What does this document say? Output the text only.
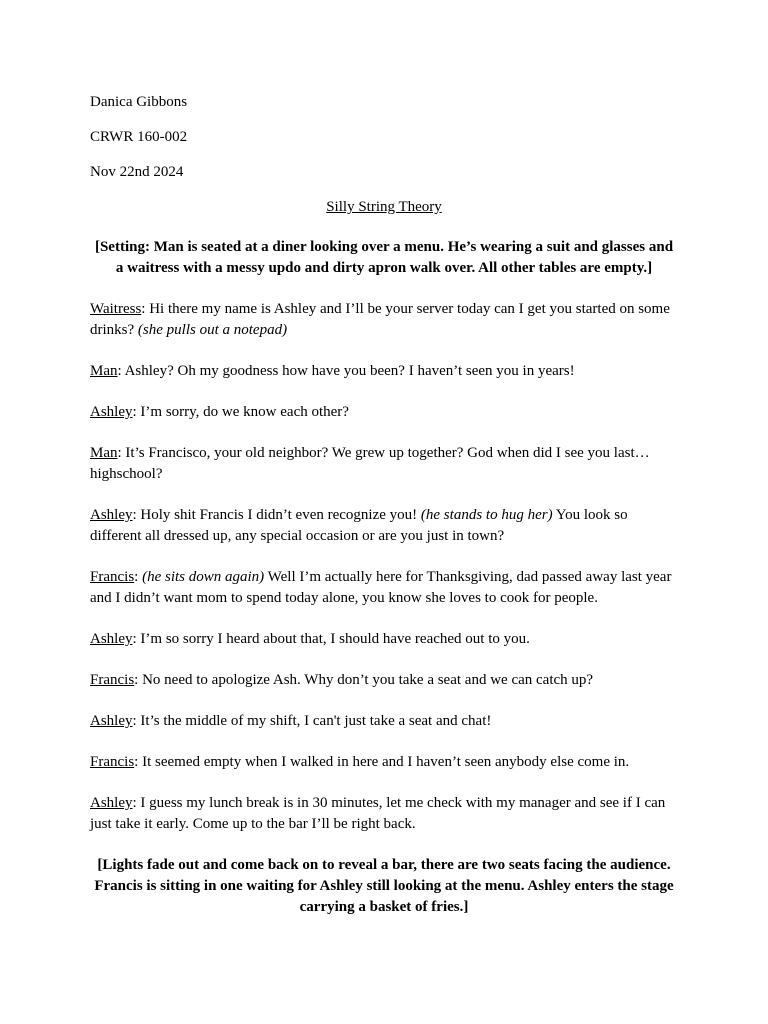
Danica Gibbons
CRWR 160-002
Nov 22nd 2024
Silly String Theory
[Setting: Man is seated at a diner looking over a menu. He’s wearing a suit and glasses and a waitress with a messy updo and dirty apron walk over. All other tables are empty.]
Waitress: Hi there my name is Ashley and I’ll be your server today can I get you started on some drinks? (she pulls out a notepad)
Man: Ashley? Oh my goodness how have you been? I haven’t seen you in years!
Ashley: I’m sorry, do we know each other?
Man: It’s Francisco, your old neighbor? We grew up together? God when did I see you last… highschool?
Ashley: Holy shit Francis I didn’t even recognize you! (he stands to hug her) You look so different all dressed up, any special occasion or are you just in town?
Francis: (he sits down again) Well I’m actually here for Thanksgiving, dad passed away last year and I didn’t want mom to spend today alone, you know she loves to cook for people.
Ashley: I’m so sorry I heard about that, I should have reached out to you.
Francis: No need to apologize Ash. Why don’t you take a seat and we can catch up?
Ashley: It’s the middle of my shift, I can't just take a seat and chat!
Francis: It seemed empty when I walked in here and I haven’t seen anybody else come in.
Ashley: I guess my lunch break is in 30 minutes, let me check with my manager and see if I can just take it early. Come up to the bar I’ll be right back.
[Lights fade out and come back on to reveal a bar, there are two seats facing the audience. Francis is sitting in one waiting for Ashley still looking at the menu. Ashley enters the stage carrying a basket of fries.]
